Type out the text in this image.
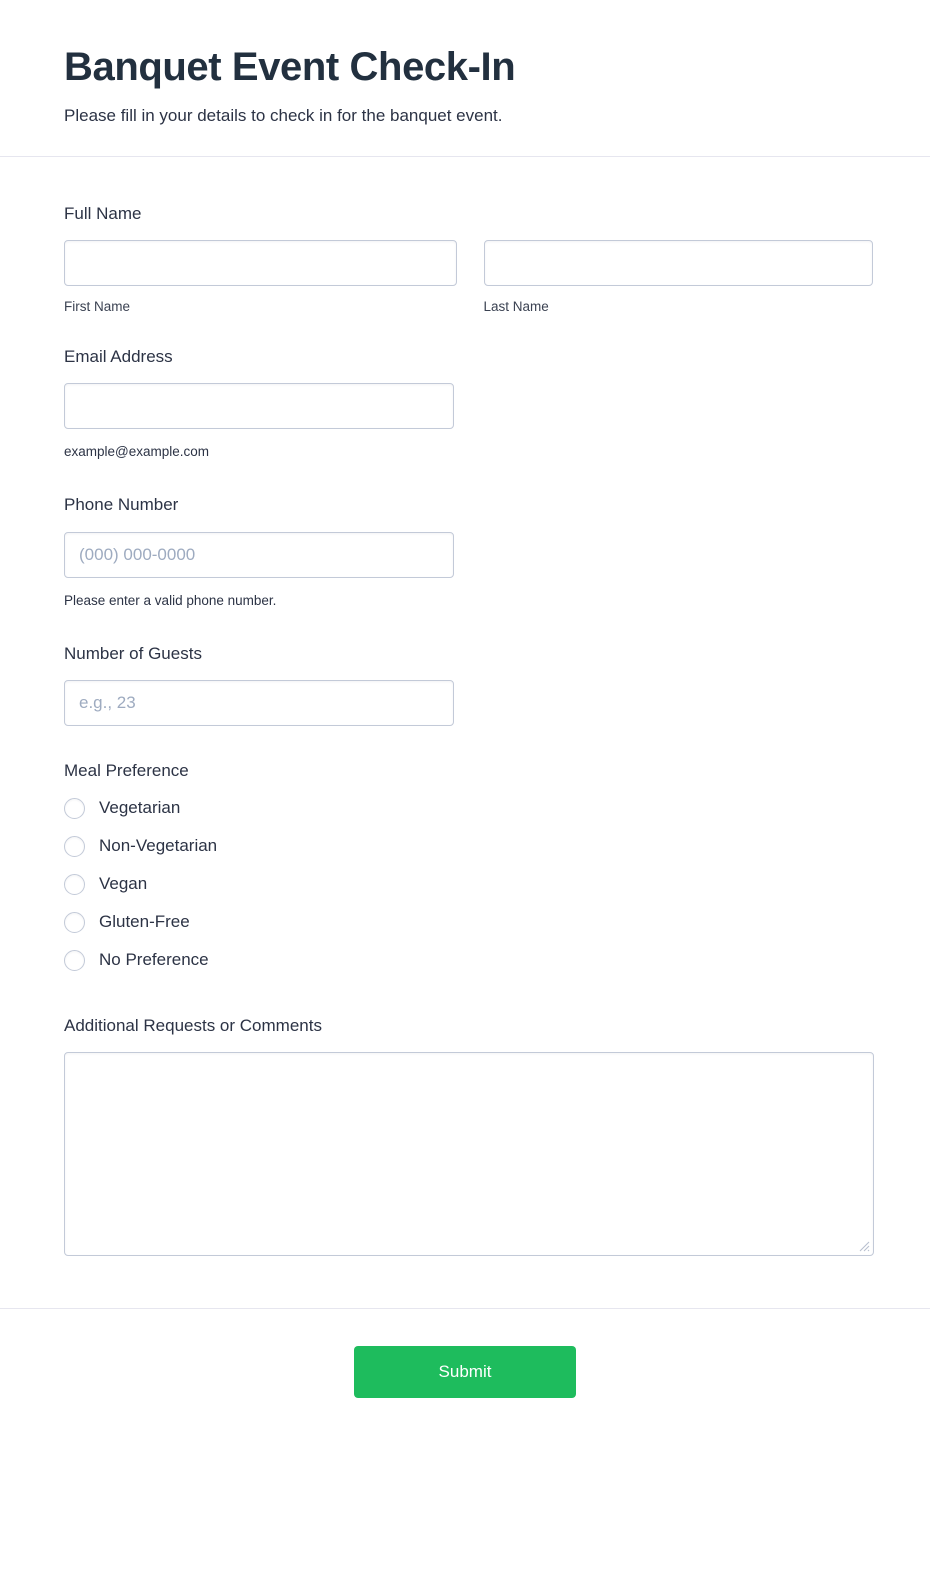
Banquet Event Check-In

Please fill in your details to check in for the banquet event.

Full Name
First Name	Last Name
Email Address
example@example.com
Phone Number
(000) 000-0000
Please enter a valid phone number.
Number of Guests
e.g., 23
Meal Preference
Vegetarian
Non-Vegetarian
Vegan
Gluten-Free
No Preference
Additional Requests or Comments
Submit
